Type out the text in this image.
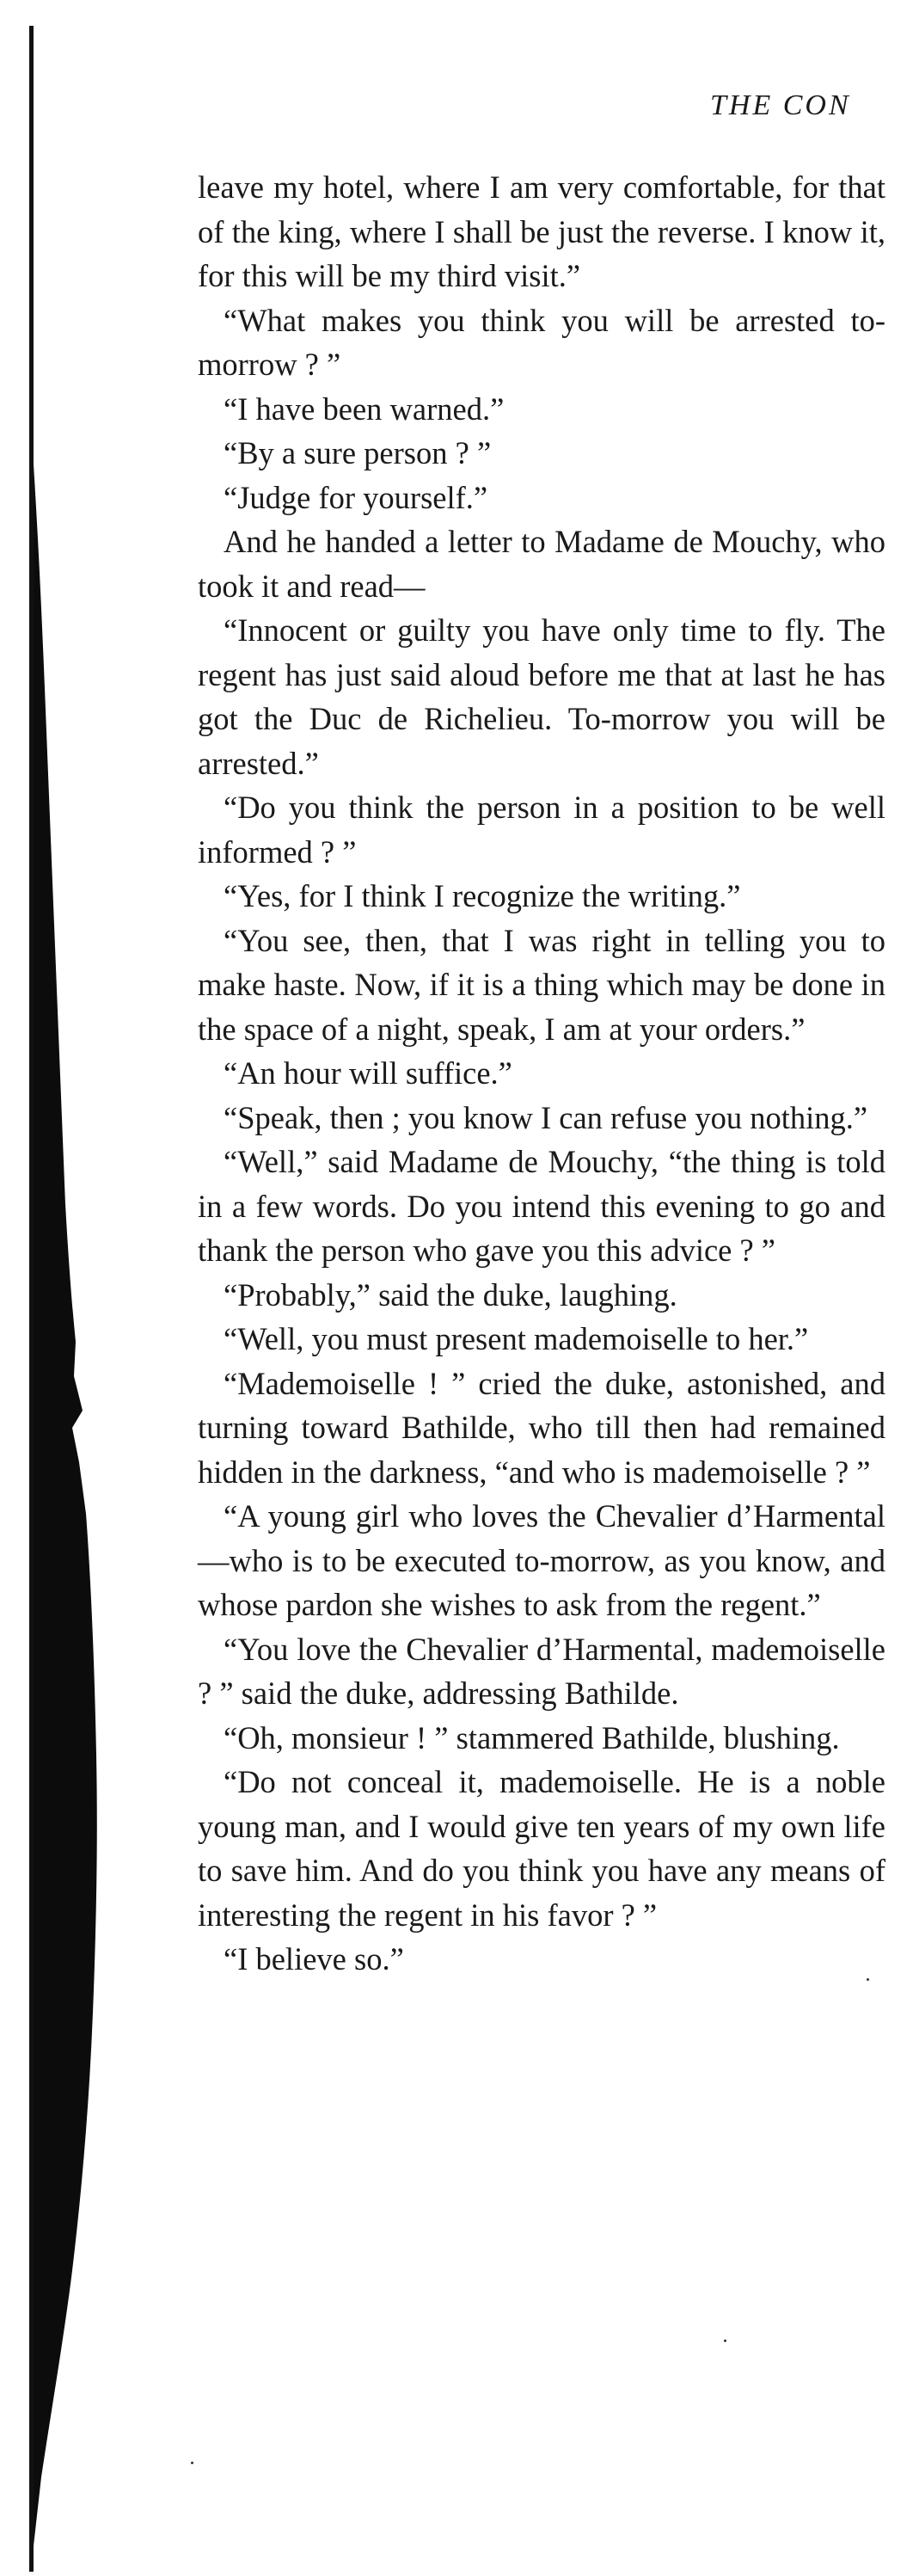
THE CON

leave my hotel, where I am very comfortable, for that of the king, where I shall be just the reverse. I know it, for this will be my third visit.”

“What makes you think you will be arrested to-morrow ? ”

“I have been warned.”

“By a sure person ? ”

“Judge for yourself.”

And he handed a letter to Madame de Mouchy, who took it and read—

“Innocent or guilty you have only time to fly. The regent has just said aloud before me that at last he has got the Duc de Richelieu. To-morrow you will be arrested.”

“Do you think the person in a position to be well informed ? ”

“Yes, for I think I recognize the writing.”

“You see, then, that I was right in telling you to make haste. Now, if it is a thing which may be done in the space of a night, speak, I am at your orders.”

“An hour will suffice.”

“Speak, then ; you know I can refuse you nothing.”

“Well,” said Madame de Mouchy, “the thing is told in a few words. Do you intend this evening to go and thank the person who gave you this advice ? ”

“Probably,” said the duke, laughing.

“Well, you must present mademoiselle to her.”

“Mademoiselle ! ” cried the duke, astonished, and turning toward Bathilde, who till then had remained hidden in the darkness, “and who is mademoiselle ? ”

“A young girl who loves the Chevalier d’Harmental—who is to be executed to-morrow, as you know, and whose pardon she wishes to ask from the regent.”

“You love the Chevalier d’Harmental, mademoiselle ? ” said the duke, addressing Bathilde.

“Oh, monsieur ! ” stammered Bathilde, blushing.

“Do not conceal it, mademoiselle. He is a noble young man, and I would give ten years of my own life to save him. And do you think you have any means of interesting the regent in his favor ? ”

“I believe so.”
